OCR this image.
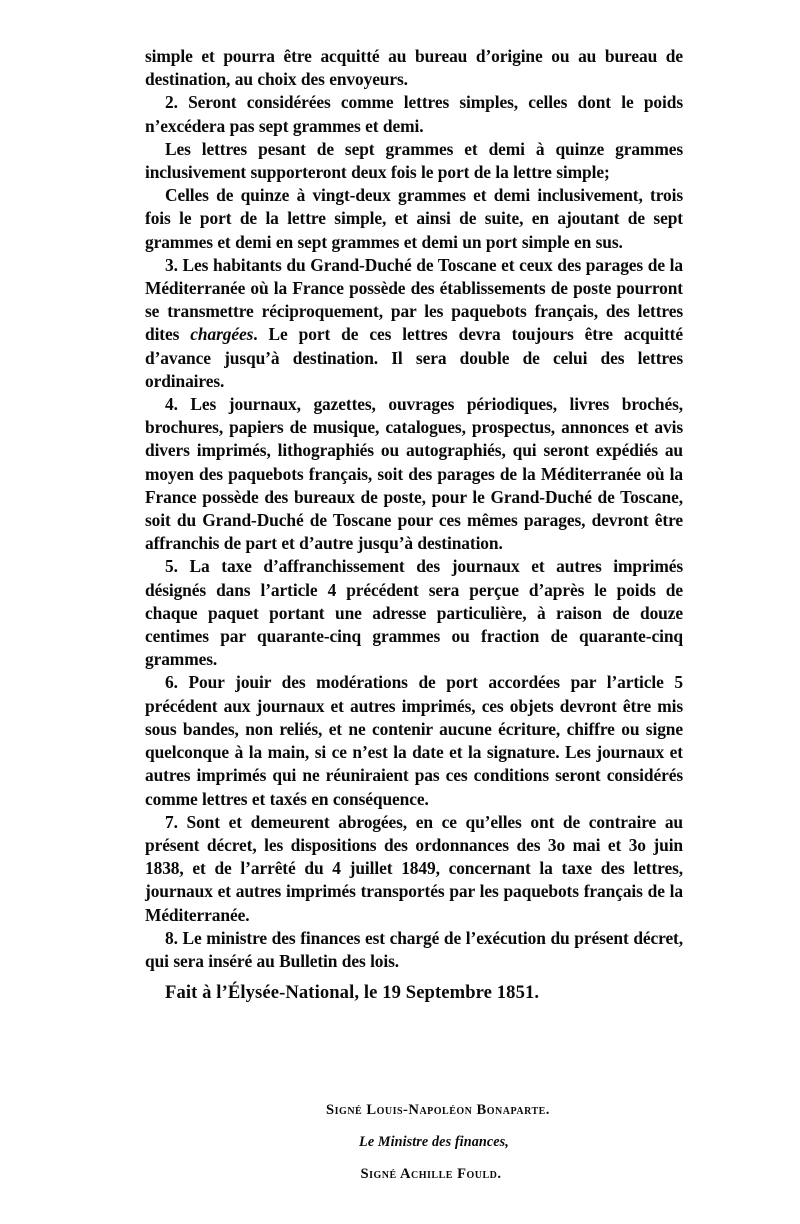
simple et pourra être acquitté au bureau d’origine ou au bureau de destination, au choix des envoyeurs.

2. Seront considérées comme lettres simples, celles dont le poids n’excédera pas sept grammes et demi.

Les lettres pesant de sept grammes et demi à quinze grammes inclusivement supporteront deux fois le port de la lettre simple;

Celles de quinze à vingt-deux grammes et demi inclusivement, trois fois le port de la lettre simple, et ainsi de suite, en ajoutant de sept grammes et demi en sept grammes et demi un port simple en sus.

3. Les habitants du Grand-Duché de Toscane et ceux des parages de la Méditerranée où la France possède des établissements de poste pourront se transmettre réciproquement, par les paquebots français, des lettres dites chargées. Le port de ces lettres devra toujours être acquitté d’avance jusqu’à destination. Il sera double de celui des lettres ordinaires.

4. Les journaux, gazettes, ouvrages périodiques, livres brochés, brochures, papiers de musique, catalogues, prospectus, annonces et avis divers imprimés, lithographiés ou autographiés, qui seront expédiés au moyen des paquebots français, soit des parages de la Méditerranée où la France possède des bureaux de poste, pour le Grand-Duché de Toscane, soit du Grand-Duché de Toscane pour ces mêmes parages, devront être affranchis de part et d’autre jusqu’à destination.

5. La taxe d’affranchissement des journaux et autres imprimés désignés dans l’article 4 précédent sera perçue d’après le poids de chaque paquet portant une adresse particulière, à raison de douze centimes par quarante-cinq grammes ou fraction de quarante-cinq grammes.

6. Pour jouir des modérations de port accordées par l’article 5 précédent aux journaux et autres imprimés, ces objets devront être mis sous bandes, non reliés, et ne contenir aucune écriture, chiffre ou signe quelconque à la main, si ce n’est la date et la signature. Les journaux et autres imprimés qui ne réuniraient pas ces conditions seront considérés comme lettres et taxés en conséquence.

7. Sont et demeurent abrogées, en ce qu’elles ont de contraire au présent décret, les dispositions des ordonnances des 3o mai et 3o juin 1838, et de l’arrêté du 4 juillet 1849, concernant la taxe des lettres, journaux et autres imprimés transportés par les paquebots français de la Méditerranée.

8. Le ministre des finances est chargé de l’exécution du présent décret, qui sera inséré au Bulletin des lois.

Fait à l’Élysée-National, le 19 Septembre 1851.

Signé Louis-Napoléon Bonaparte.

Le Ministre des finances,

Signé Achille Fould.
